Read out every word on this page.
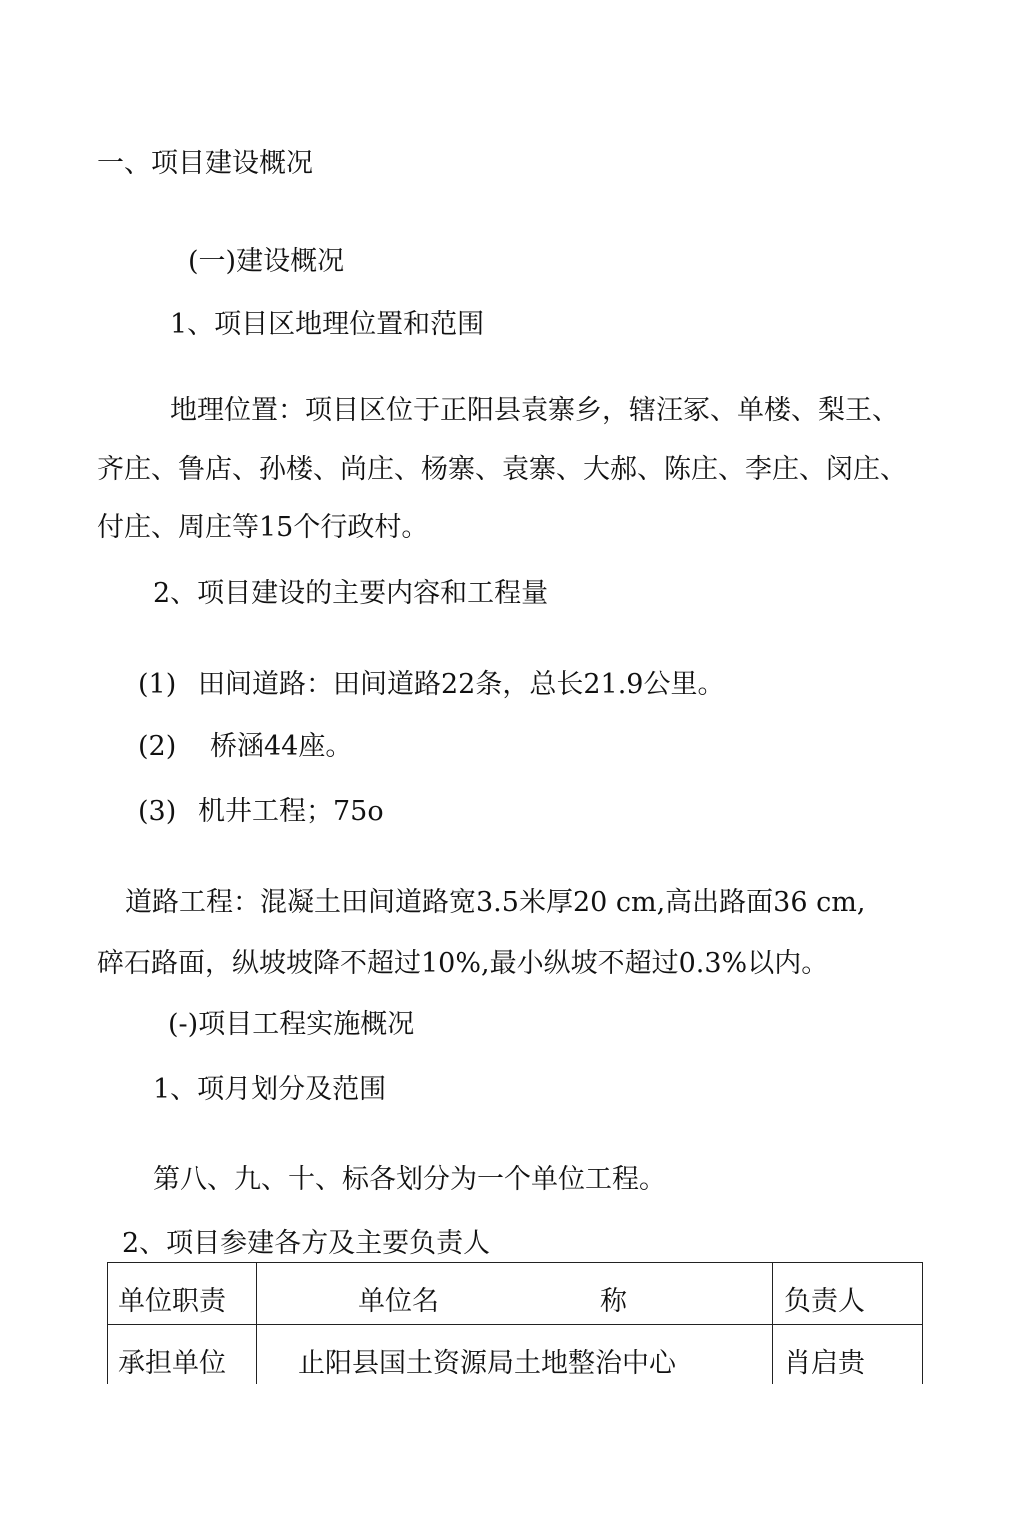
一、项目建设概况
(一)建设概况
1、项目区地理位置和范围
地理位置：项目区位于正阳县袁寨乡，辖汪冢、单楼、梨王、
齐庄、鲁店、孙楼、尚庄、杨寨、袁寨、大郝、陈庄、李庄、闵庄、
付庄、周庄等15个行政村。
2、项目建设的主要内容和工程量
(1) 田间道路：田间道路22条，总长21.9公里。
(2) 桥涵44座。
(3) 机井工程；75o
道路工程：混凝土田间道路宽3.5米厚20 cm,高出路面36 cm,
碎石路面，纵坡坡降不超过10%,最小纵坡不超过0.3%以内。
(-)项目工程实施概况
1、项月划分及范围
第八、九、十、标各划分为一个单位工程。
2、项目参建各方及主要负责人
单位职责	单位名	称	负责人
承担单位	止阳县国土资源局土地整治中心	肖启贵
